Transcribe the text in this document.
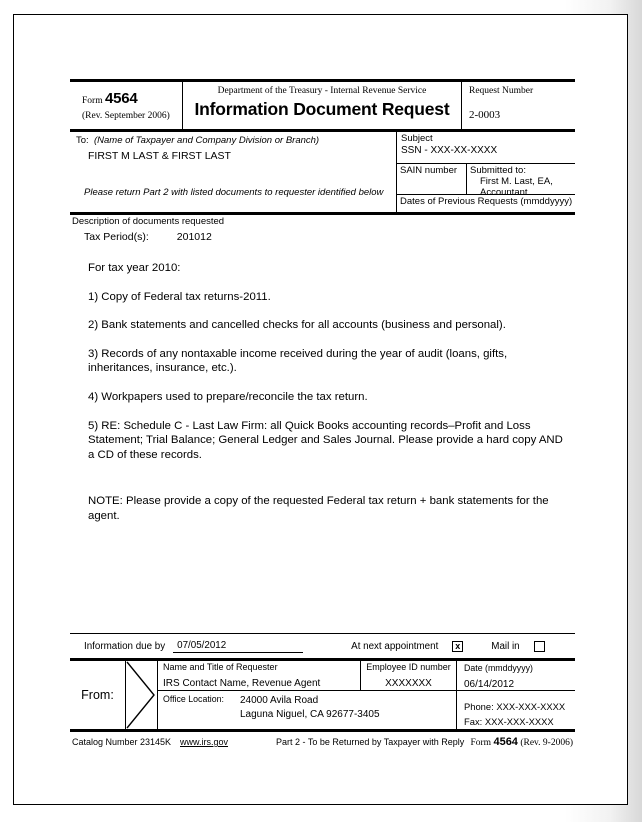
Form 4564
(Rev. September 2006)
Department of the Treasury - Internal Revenue Service
Information Document Request
Request Number
2-0003
To: (Name of Taxpayer and Company Division or Branch)
FIRST M LAST & FIRST LAST
Please return Part 2 with listed documents to requester identified below
Subject
SSN - XXX-XX-XXXX
SAIN number	Submitted to:
First M. Last, EA,
Accountant
Dates of Previous Requests (mmddyyyy)
Description of documents requested
Tax Period(s):	201012

For tax year 2010:

1) Copy of Federal tax returns-2011.

2) Bank statements and cancelled checks for all accounts (business and personal).

3) Records of any nontaxable income received during the year of audit (loans, gifts, inheritances, insurance, etc.).

4) Workpapers used to prepare/reconcile the tax return.

5) RE: Schedule C - Last Law Firm: all Quick Books accounting records–Profit and Loss Statement; Trial Balance; General Ledger and Sales Journal. Please provide a hard copy AND a CD of these records.

NOTE: Please provide a copy of the requested Federal tax return + bank statements for the agent.

Information due by	07/05/2012	At next appointment	x	Mail in
From:
Name and Title of Requester
IRS Contact Name, Revenue Agent
Employee ID number
XXXXXXX
Date (mmddyyyy)
06/14/2012
Office Location: 24000 Avila Road
Laguna Niguel, CA 92677-3405
Phone: XXX-XXX-XXXX
Fax: XXX-XXX-XXXX
Catalog Number 23145K www.irs.gov	Part 2 - To be Returned by Taxpayer with Reply Form 4564 (Rev. 9-2006)
